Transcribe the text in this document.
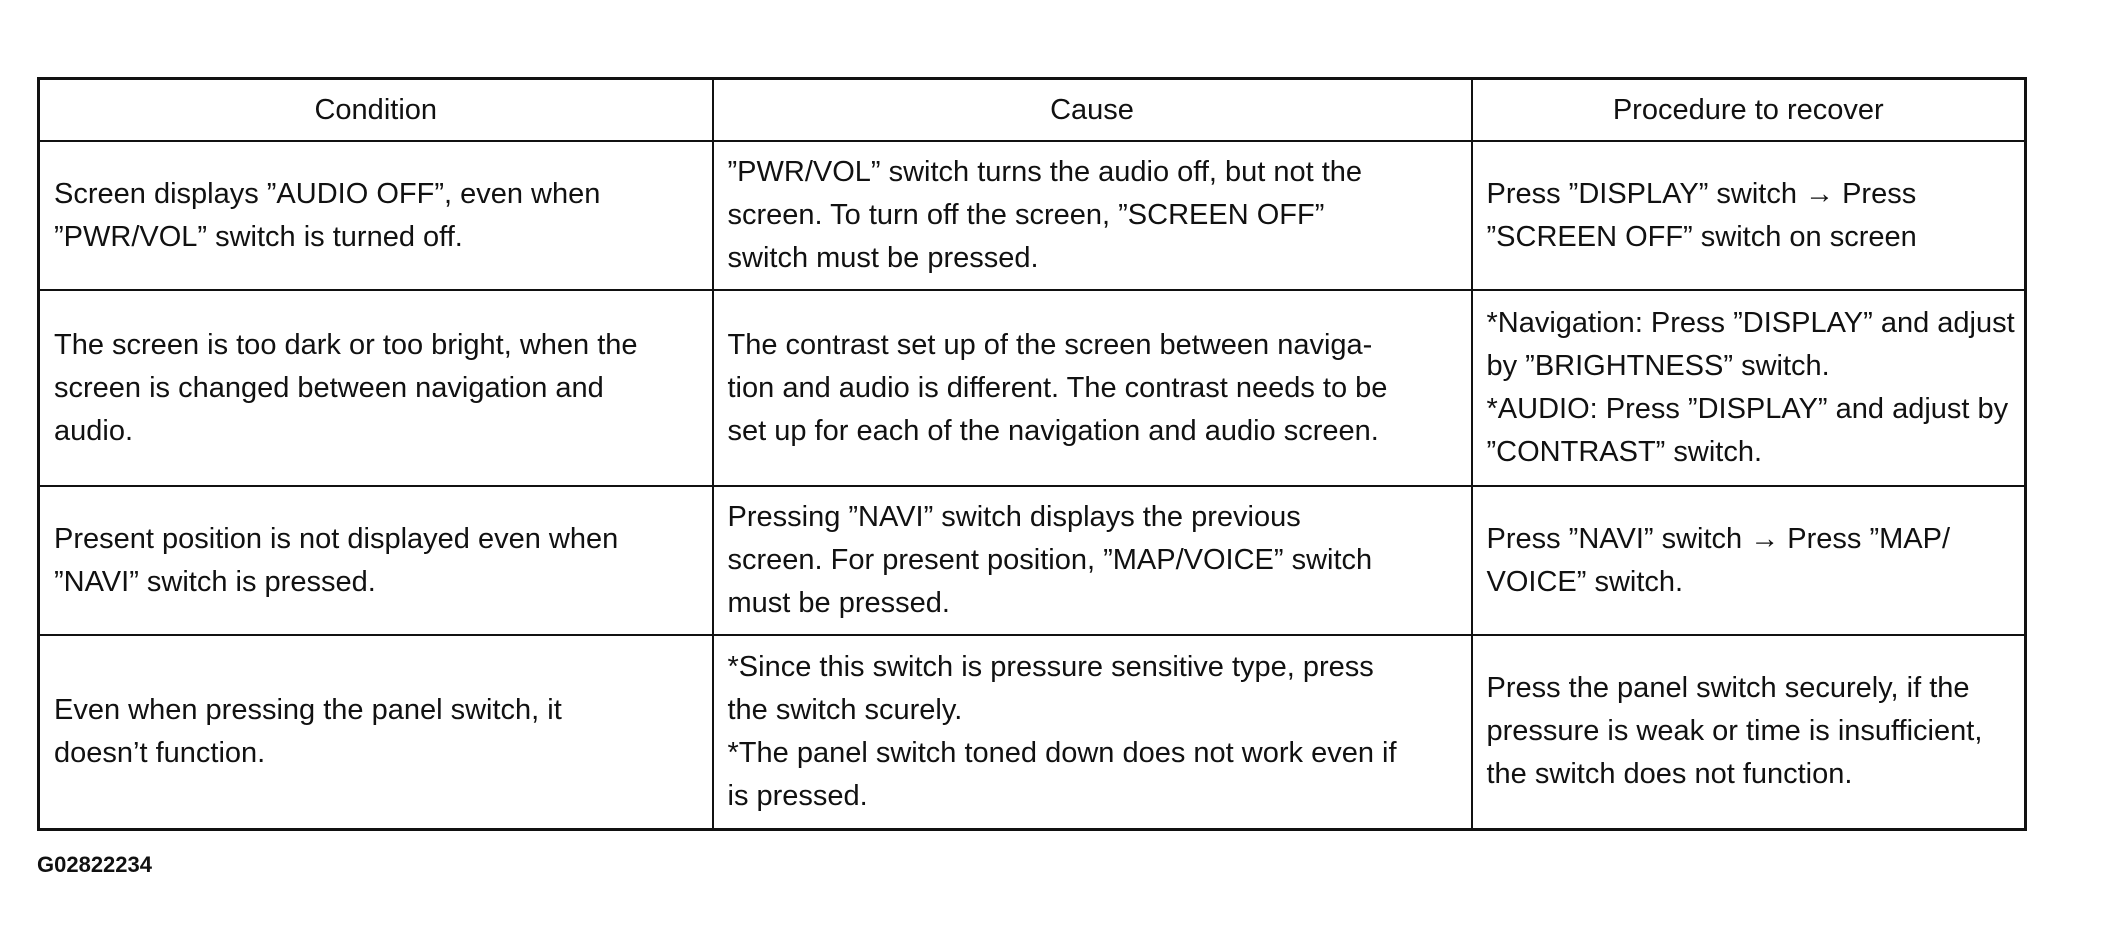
Condition	Cause	Procedure to recover

Screen displays ”AUDIO OFF”, even when
”PWR/VOL” switch is turned off.	”PWR/VOL” switch turns the audio off, but not the
screen. To turn off the screen, ”SCREEN OFF”
switch must be pressed.	Press ”DISPLAY” switch → Press
”SCREEN OFF” switch on screen

The screen is too dark or too bright, when the
screen is changed between navigation and
audio.	The contrast set up of the screen between naviga-
tion and audio is different. The contrast needs to be
set up for each of the navigation and audio screen.	*Navigation: Press ”DISPLAY” and adjust
by ”BRIGHTNESS” switch.
*AUDIO: Press ”DISPLAY” and adjust by
”CONTRAST” switch.

Present position is not displayed even when
”NAVI” switch is pressed.	Pressing ”NAVI” switch displays the previous
screen. For present position, ”MAP/VOICE” switch
must be pressed.	Press ”NAVI” switch → Press ”MAP/
VOICE” switch.

Even when pressing the panel switch, it
doesn’t function.	*Since this switch is pressure sensitive type, press
the switch scurely.
*The panel switch toned down does not work even if
is pressed.	Press the panel switch securely, if the
pressure is weak or time is insufficient,
the switch does not function.
G02822234
